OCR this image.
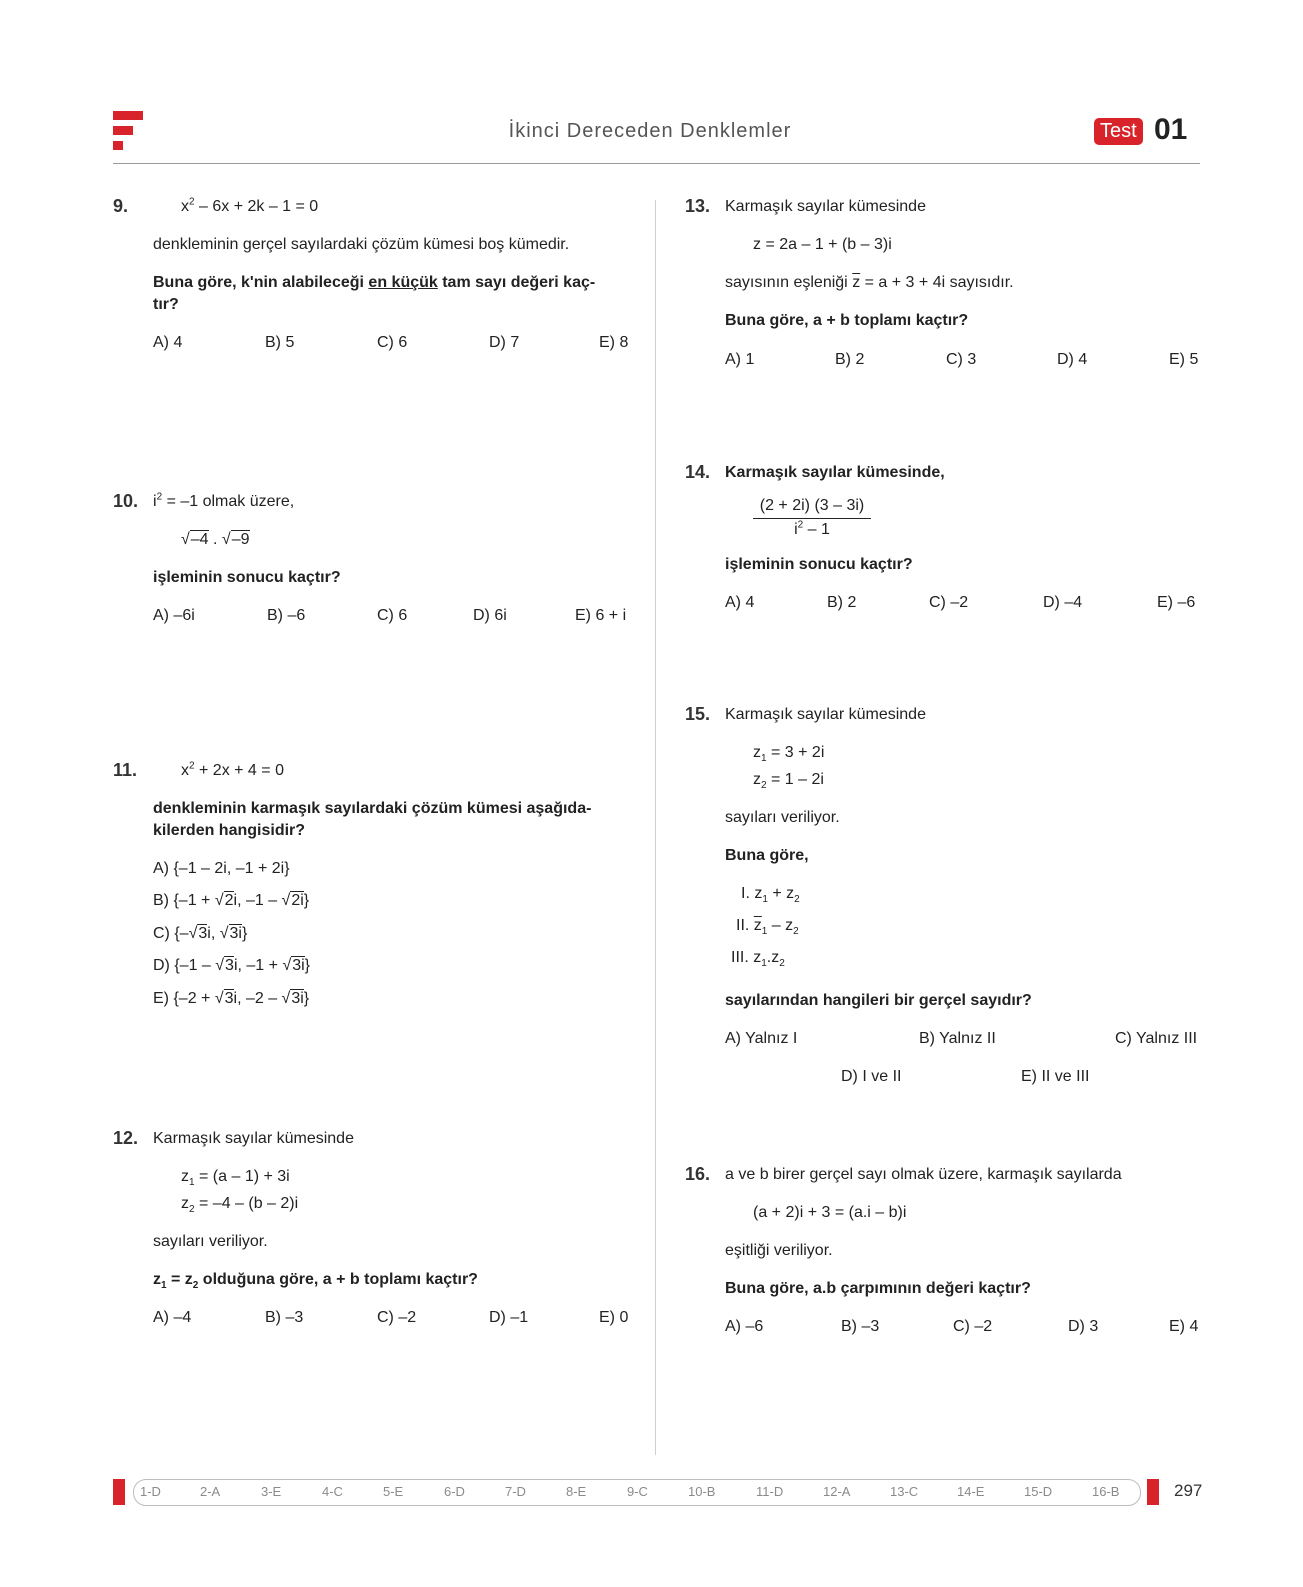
İkinci Dereceden Denklemler	Test 01
9.	$x^2 - 6x + 2k - 1 = 0$
denkleminin gerçel sayılardaki çözüm kümesi boş kümedir.
Buna göre, k'nin alabileceği en küçük tam sayı değeri kaç-
tır?
A) 4	B) 5	C) 6	D) 7	E) 8
10. $i^2 = -1$ olmak üzere,
√–4 . √–9
işleminin sonucu kaçtır?
A) –6i	B) –6	C) 6	D) 6i	E) 6 + i
11.	$x^2 + 2x + 4 = 0$
denkleminin karmaşık sayılardaki çözüm kümesi aşağıda-
kilerden hangisidir?
A) {–1 – 2i, –1 + 2i}
B) {–1 + √2i, –1 – √2i}
C) {–√3i, √3i}
D) {–1 – √3i, –1 + √3i}
E) {–2 + √3i, –2 – √3i}
12. Karmaşık sayılar kümesinde
$z_1 = (a - 1) + 3i$
$z_2 = -4 - (b - 2)i$
sayıları veriliyor.
$z_1 = z_2$ olduğuna göre, a + b toplamı kaçtır?
A) –4	B) –3	C) –2	D) –1	E) 0
13. Karmaşık sayılar kümesinde
z = 2a – 1 + (b – 3)i
sayısının eşleniği $\overline{z} = a + 3 + 4i$ sayısıdır.
Buna göre, a + b toplamı kaçtır?
A) 1	B) 2	C) 3	D) 4	E) 5
14. Karmaşık sayılar kümesinde,
$\frac{(2 + 2i) (3 - 3i)}{i^2 - 1}$
işleminin sonucu kaçtır?
A) 4	B) 2	C) –2	D) –4	E) –6
15. Karmaşık sayılar kümesinde
$z_1 = 3 + 2i$
$z_2 = 1 - 2i$
sayıları veriliyor.
Buna göre,
I. $z_1 + z_2$
II. $\overline{z}_1 - z_2$
III. $z_1.z_2$
sayılarından hangileri bir gerçel sayıdır?
A) Yalnız I	B) Yalnız II	C) Yalnız III
D) I ve II	E) II ve III
16. a ve b birer gerçel sayı olmak üzere, karmaşık sayılarda
(a + 2)i + 3 = (a.i – b)i
eşitliği veriliyor.
Buna göre, a.b çarpımının değeri kaçtır?
A) –6	B) –3	C) –2	D) 3	E) 4
1-D	2-A	3-E	4-C	5-E	6-D	7-D	8-E	9-C	10-B	11-D	12-A	13-C	14-E	15-D	16-B	297
